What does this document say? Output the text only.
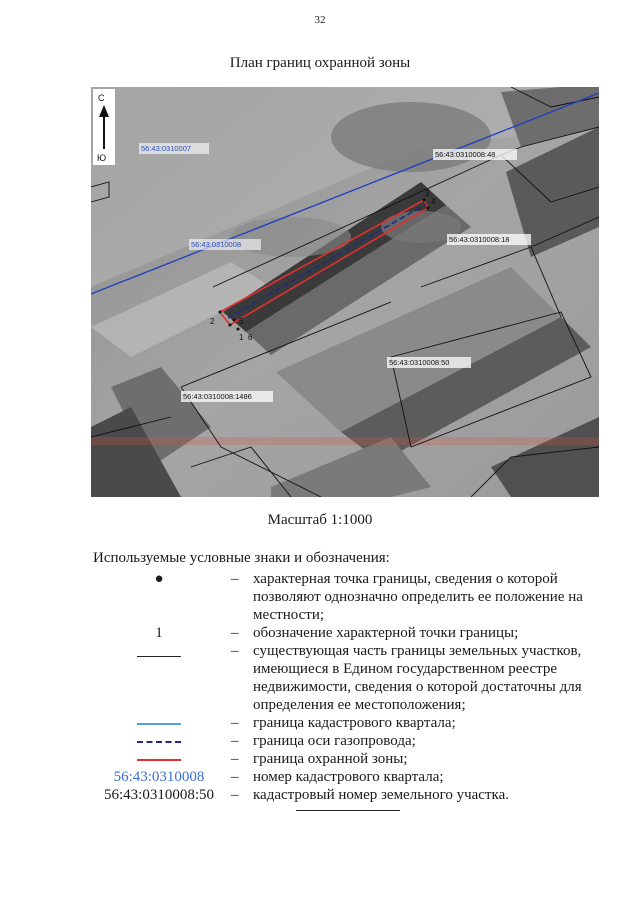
32
План границ охранной зоны
1
2
3
4
5
6
56:43:0310007
56:43:0310008
56:43:0310008:48
56:43:0310008:18
56:43:0310008:50
56:43:0310008:1486
С
Ю
Масштаб 1:1000
Используемые условные знаки и обозначения:
●	– характерная точка границы, сведения о которой позволяют однозначно определить ее положение на местности;
1	– обозначение характерной точки границы;
– существующая часть границы земельных участков, имеющиеся в Едином государственном реестре недвижимости, сведения о которой достаточны для определения ее местоположения;
– граница кадастрового квартала;
– граница оси газопровода;
– граница охранной зоны;
56:43:0310008	– номер кадастрового квартала;
56:43:0310008:50	– кадастровый номер земельного участка.
